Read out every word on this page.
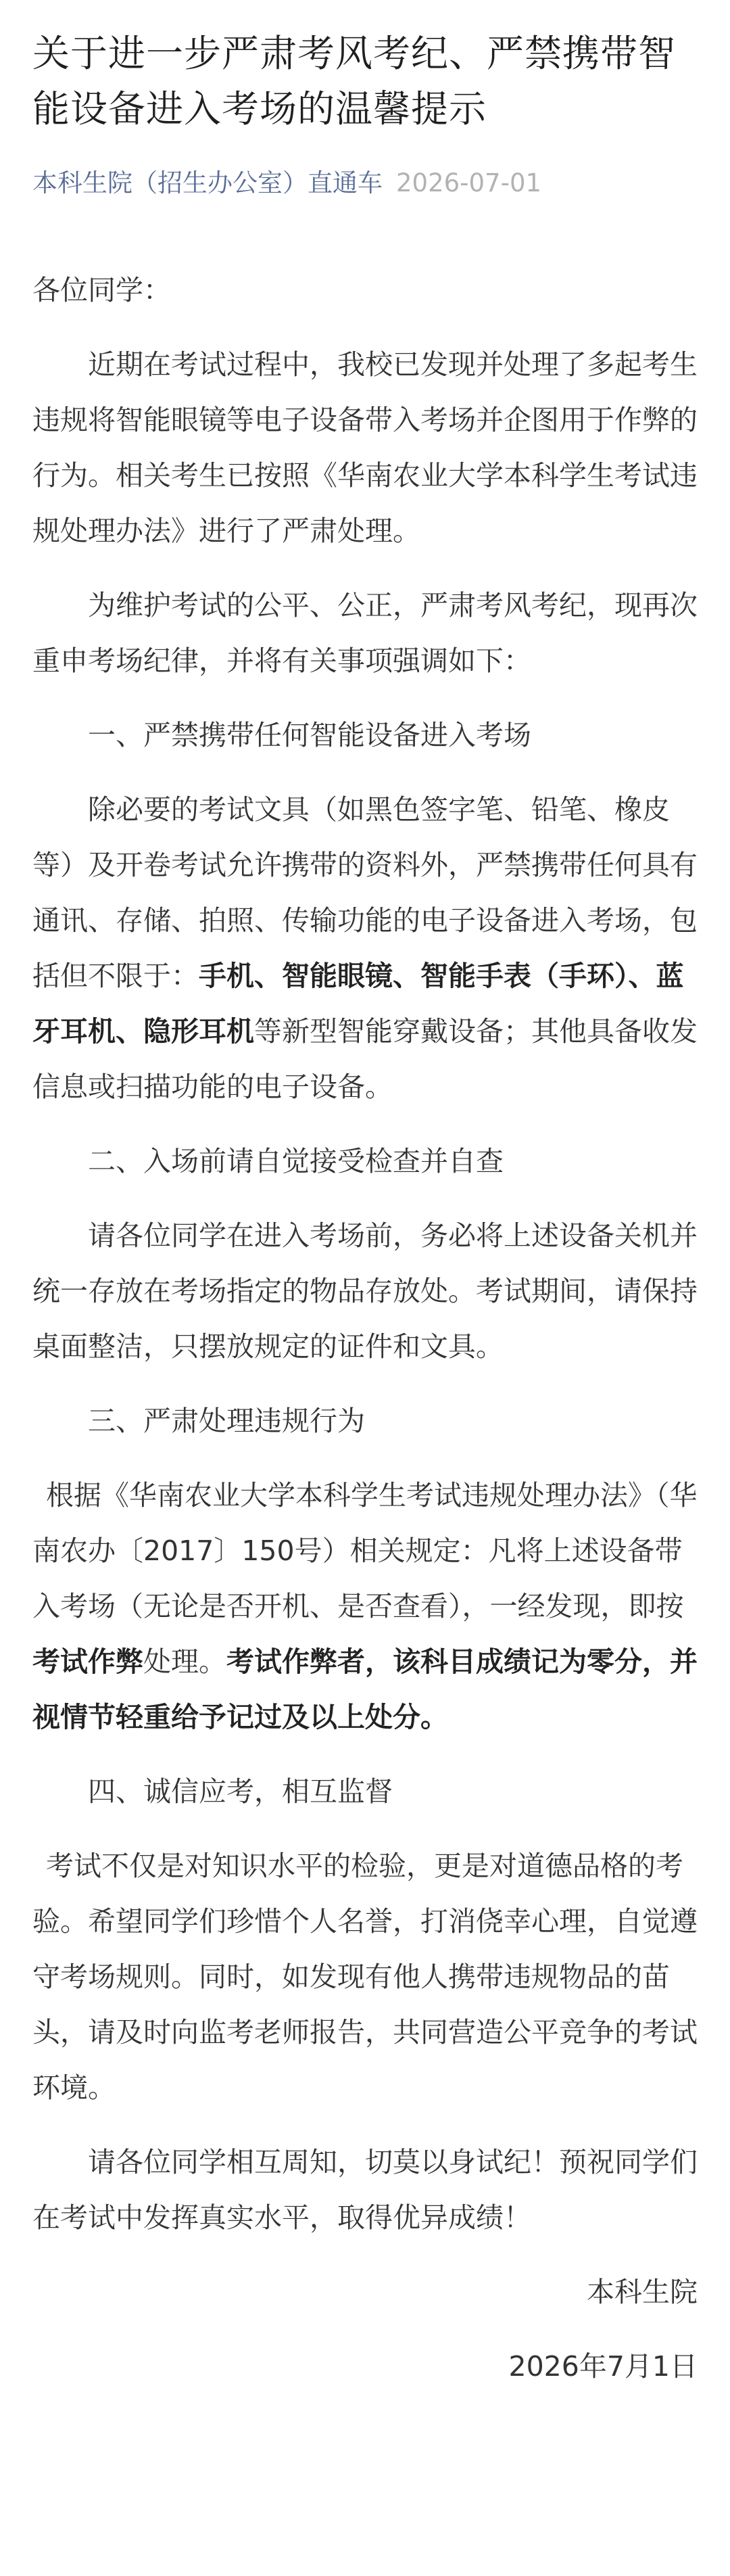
关于进一步严肃考风考纪、严禁携带智能设备进入考场的温馨提示
本科生院（招生办公室）直通车 2026-07-01

各位同学：

近期在考试过程中，我校已发现并处理了多起考生违规将智能眼镜等电子设备带入考场并企图用于作弊的行为。相关考生已按照《华南农业大学本科学生考试违规处理办法》进行了严肃处理。

为维护考试的公平、公正，严肃考风考纪，现再次重申考场纪律，并将有关事项强调如下：

一、严禁携带任何智能设备进入考场

除必要的考试文具（如黑色签字笔、铅笔、橡皮等）及开卷考试允许携带的资料外，严禁携带任何具有通讯、存储、拍照、传输功能的电子设备进入考场，包括但不限于：手机、智能眼镜、智能手表（手环）、蓝牙耳机、隐形耳机等新型智能穿戴设备；其他具备收发信息或扫描功能的电子设备。

二、入场前请自觉接受检查并自查

请各位同学在进入考场前，务必将上述设备关机并统一存放在考场指定的物品存放处。考试期间，请保持桌面整洁，只摆放规定的证件和文具。

三、严肃处理违规行为

根据《华南农业大学本科学生考试违规处理办法》（华南农办〔2017〕150号）相关规定：凡将上述设备带入考场（无论是否开机、是否查看），一经发现，即按考试作弊处理。考试作弊者，该科目成绩记为零分，并视情节轻重给予记过及以上处分。

四、诚信应考，相互监督

考试不仅是对知识水平的检验，更是对道德品格的考验。希望同学们珍惜个人名誉，打消侥幸心理，自觉遵守考场规则。同时，如发现有他人携带违规物品的苗头，请及时向监考老师报告，共同营造公平竞争的考试环境。

请各位同学相互周知，切莫以身试纪！预祝同学们在考试中发挥真实水平，取得优异成绩！

本科生院

2026年7月1日
